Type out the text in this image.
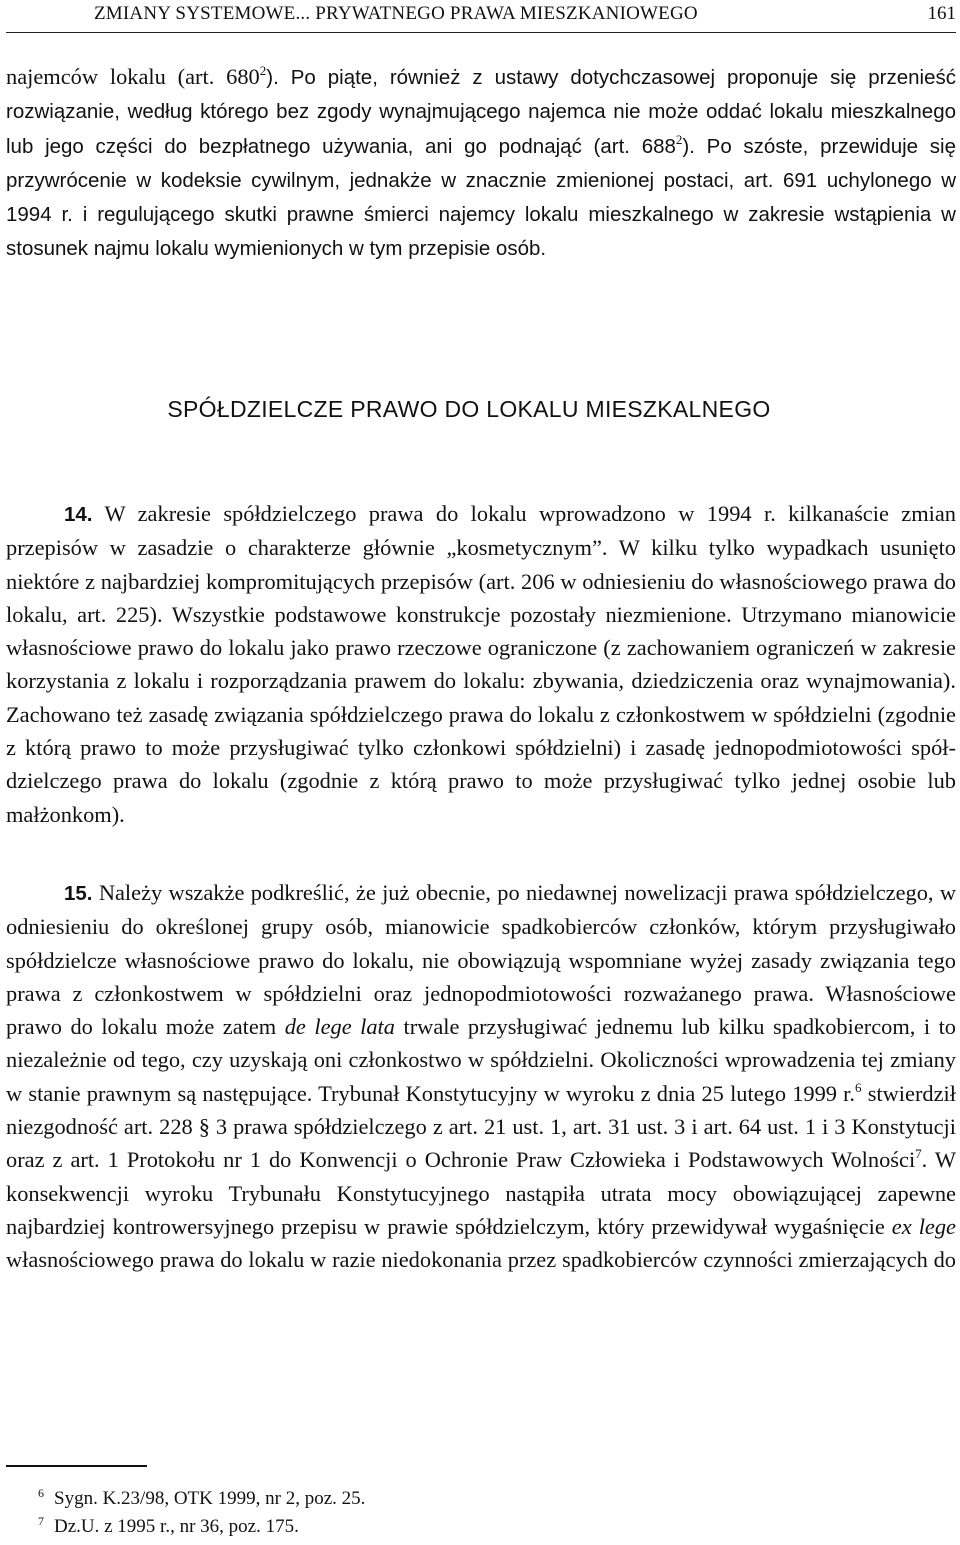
ZMIANY SYSTEMOWE... PRYWATNEGO PRAWA MIESZKANIOWEGO	161

najemców lokalu (art. $680^2$). Po piąte, również z ustawy dotychczasowej proponuje się przenieść rozwiązanie, według którego bez zgody wynajmującego najemca nie może oddać lokalu mieszkalnego lub jego części do bezpłatnego używania, ani go podnająć (art. $688^2$). Po szóste, przewiduje się przywrócenie w kodeksie cywilnym, jednakże w znacznie zmienionej postaci, art. 691 uchylonego w 1994 r. i regulującego skutki prawne śmierci najemcy lokalu mieszkalnego w zakresie wstąpienia w stosunek najmu lokalu wymienionych w tym przepisie osób.

SPÓŁDZIELCZE PRAWO DO LOKALU MIESZKALNEGO

14. W zakresie spółdzielczego prawa do lokalu wprowadzono w 1994 r. kilkanaście zmian przepisów w zasadzie o charakterze głównie „kosmetycznym”. W kilku tylko wypadkach usunięto niektóre z najbardziej kompromitujących przepisów (art. 206 w odniesieniu do własnościowego prawa do lokalu, art. 225). Wszystkie podstawowe konstrukcje pozostały niezmienione. Utrzymano mianowicie własnościowe prawo do lokalu jako prawo rzeczowe ograniczone (z zachowaniem ograniczeń w zakresie korzystania z lokalu i rozporządzania prawem do lokalu: zbywania, dziedziczenia oraz wynajmowania). Zachowano też zasadę związania spółdzielczego prawa do lokalu z członkostwem w spółdzielni (zgodnie z którą prawo to może przysługiwać tylko członkowi spółdzielni) i zasadę jednopodmiotowości spółdzielczego prawa do lokalu (zgodnie z którą prawo to może przysługiwać tylko jednej osobie lub małżonkom).

15. Należy wszakże podkreślić, że już obecnie, po niedawnej nowelizacji prawa spółdzielczego, w odniesieniu do określonej grupy osób, mianowicie spadkobierców członków, którym przysługiwało spółdzielcze własnościowe prawo do lokalu, nie obowiązują wspomniane wyżej zasady związania tego prawa z członkostwem w spółdzielni oraz jednopodmiotowości rozważanego prawa. Własnościowe prawo do lokalu może zatem de lege lata trwale przysługiwać jednemu lub kilku spadkobiercom, i to niezależnie od tego, czy uzyskają oni członkostwo w spółdzielni. Okoliczności wprowadzenia tej zmiany w stanie prawnym są następujące. Trybunał Konstytucyjny w wyroku z dnia 25 lutego 1999 r.$^6$ stwierdził niezgodność art. 228 § 3 prawa spółdzielczego z art. 21 ust. 1, art. 31 ust. 3 i art. 64 ust. 1 i 3 Konstytucji oraz z art. 1 Protokołu nr 1 do Konwencji o Ochronie Praw Człowieka i Podstawowych Wolności$^7$. W konsekwencji wyroku Trybunału Konstytucyjnego nastąpiła utrata mocy obowiązującej zapewne najbardziej kontrowersyjnego przepisu w prawie spółdzielczym, który przewidywał wygaśnięcie ex lege własnościowego prawa do lokalu w razie niedokonania przez spadkobierców czynności zmierzających do

$^6$ Sygn. K.23/98, OTK 1999, nr 2, poz. 25.
$^7$ Dz.U. z 1995 r., nr 36, poz. 175.
